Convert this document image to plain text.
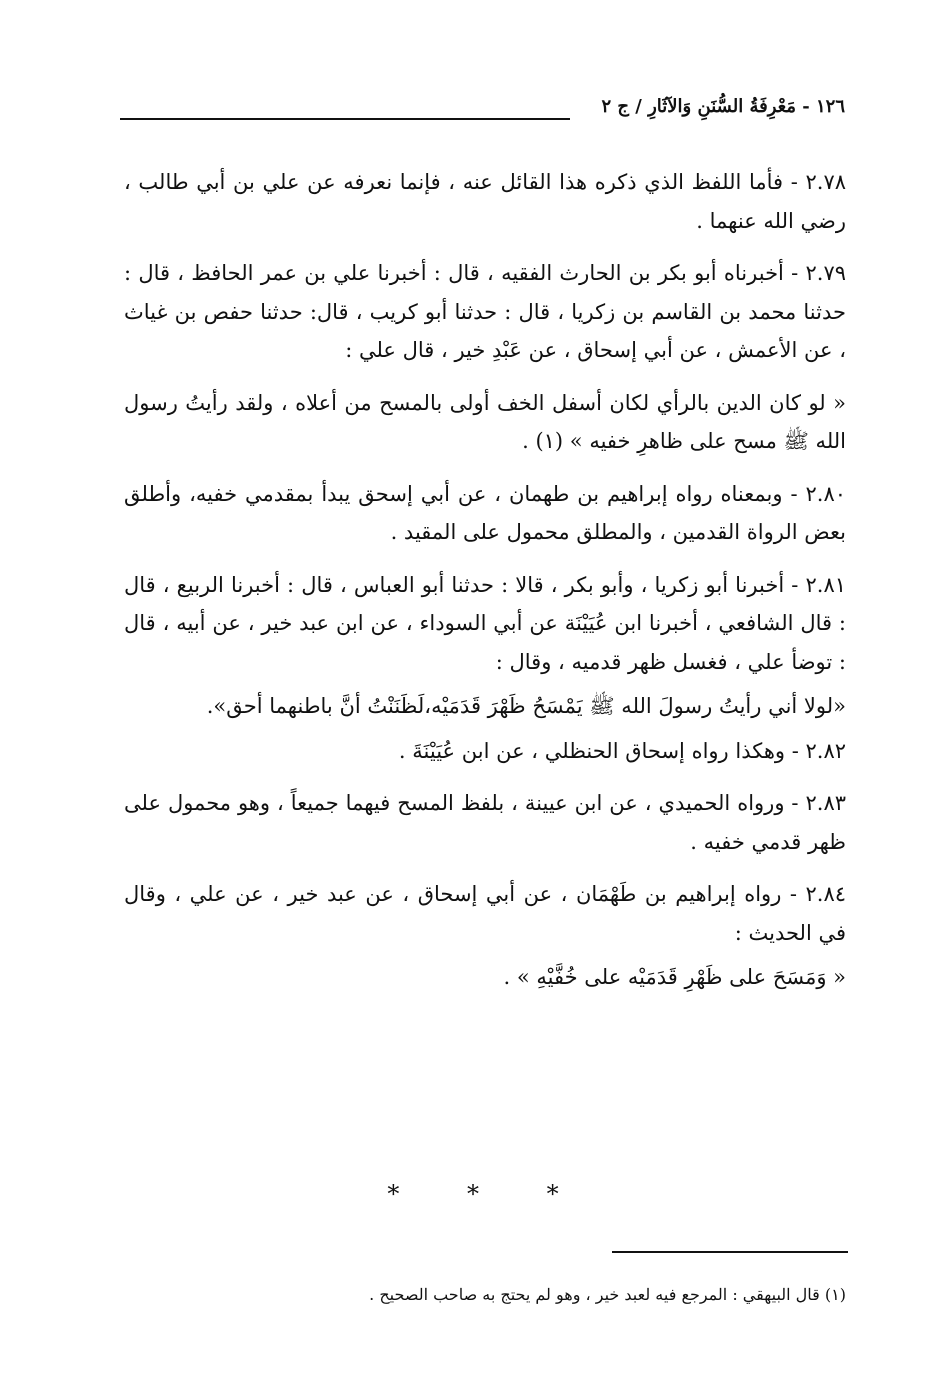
١٢٦ - مَعْرِفَةُ السُّنَنِ وَالآثَارِ / ج ٢

٢.٧٨ - فأما اللفظ الذي ذكره هذا القائل عنه ، فإنما نعرفه عن علي بن أبي طالب ، رضي الله عنهما .

٢.٧٩ - أخبرناه أبو بكر بن الحارث الفقيه ، قال : أخبرنا علي بن عمر الحافظ ، قال : حدثنا محمد بن القاسم بن زكريا ، قال : حدثنا أبو كريب ، قال: حدثنا حفص بن غياث ، عن الأعمش ، عن أبي إسحاق ، عن عَبْدِ خير ، قال علي :

« لو كان الدين بالرأي لكان أسفل الخف أولى بالمسح من أعلاه ، ولقد رأيتُ رسول الله ﷺ مسح على ظاهرِ خفيه » (١) .

٢.٨٠ - وبمعناه رواه إبراهيم بن طهمان ، عن أبي إسحق يبدأ بمقدمي خفيه، وأطلق بعض الرواة القدمين ، والمطلق محمول على المقيد .

٢.٨١ - أخبرنا أبو زكريا ، وأبو بكر ، قالا : حدثنا أبو العباس ، قال : أخبرنا الربيع ، قال : قال الشافعي ، أخبرنا ابن عُيَيْنَة عن أبي السوداء ، عن ابن عبد خير ، عن أبيه ، قال : توضأ علي ، فغسل ظهر قدميه ، وقال :

«لولا أني رأيتُ رسولَ الله ﷺ يَمْسَحُ ظَهْرَ قَدَمَيْه،لَظَنَنْتُ أنَّ باطنهما أحق».

٢.٨٢ - وهكذا رواه إسحاق الحنظلي ، عن ابن عُيَيْنَةَ .

٢.٨٣ - ورواه الحميدي ، عن ابن عيينة ، بلفظ المسح فيهما جميعاً ، وهو محمول على ظهر قدمي خفيه .

٢.٨٤ - رواه إبراهيم بن طَهْمَان ، عن أبي إسحاق ، عن عبد خير ، عن علي ، وقال في الحديث :

« وَمَسَحَ على ظَهْرِ قَدَمَيْه على خُفَّيْهِ » .

*	*	*
(١) قال البيهقي : المرجع فيه لعبد خير ، وهو لم يحتج به صاحب الصحيح .
